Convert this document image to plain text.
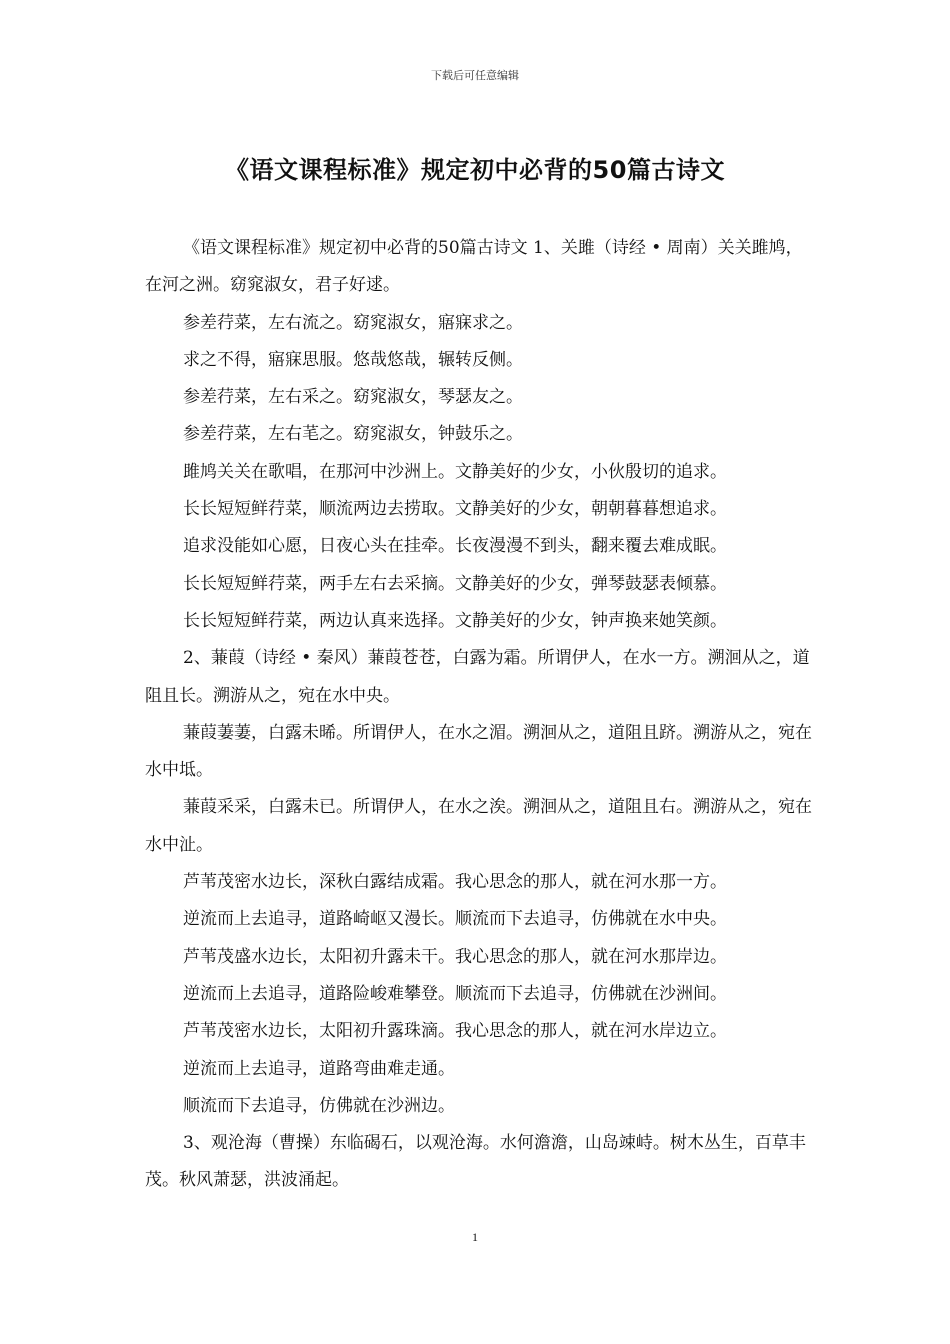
下载后可任意编辑
《语文课程标准》规定初中必背的50篇古诗文

《语文课程标准》规定初中必背的50篇古诗文 1、关雎（诗经 • 周南）关关雎鸠，在河之洲。窈窕淑女，君子好逑。

参差荇菜，左右流之。窈窕淑女，寤寐求之。

求之不得，寤寐思服。悠哉悠哉，辗转反侧。

参差荇菜，左右采之。窈窕淑女，琴瑟友之。

参差荇菜，左右芼之。窈窕淑女，钟鼓乐之。

雎鸠关关在歌唱，在那河中沙洲上。文静美好的少女，小伙殷切的追求。

长长短短鲜荇菜，顺流两边去捞取。文静美好的少女，朝朝暮暮想追求。

追求没能如心愿，日夜心头在挂牵。长夜漫漫不到头，翻来覆去难成眠。

长长短短鲜荇菜，两手左右去采摘。文静美好的少女，弹琴鼓瑟表倾慕。

长长短短鲜荇菜，两边认真来选择。文静美好的少女，钟声换来她笑颜。

2、蒹葭（诗经 • 秦风）蒹葭苍苍，白露为霜。所谓伊人，在水一方。溯洄从之，道阻且长。溯游从之，宛在水中央。

蒹葭萋萋，白露未晞。所谓伊人，在水之湄。溯洄从之，道阻且跻。溯游从之，宛在水中坻。

蒹葭采采，白露未已。所谓伊人，在水之涘。溯洄从之，道阻且右。溯游从之，宛在水中沚。

芦苇茂密水边长，深秋白露结成霜。我心思念的那人，就在河水那一方。

逆流而上去追寻，道路崎岖又漫长。顺流而下去追寻，仿佛就在水中央。

芦苇茂盛水边长，太阳初升露未干。我心思念的那人，就在河水那岸边。

逆流而上去追寻，道路险峻难攀登。顺流而下去追寻，仿佛就在沙洲间。

芦苇茂密水边长，太阳初升露珠滴。我心思念的那人，就在河水岸边立。

逆流而上去追寻，道路弯曲难走通。

顺流而下去追寻，仿佛就在沙洲边。

3、观沧海（曹操）东临碣石，以观沧海。水何澹澹，山岛竦峙。树木丛生，百草丰茂。秋风萧瑟，洪波涌起。

1
